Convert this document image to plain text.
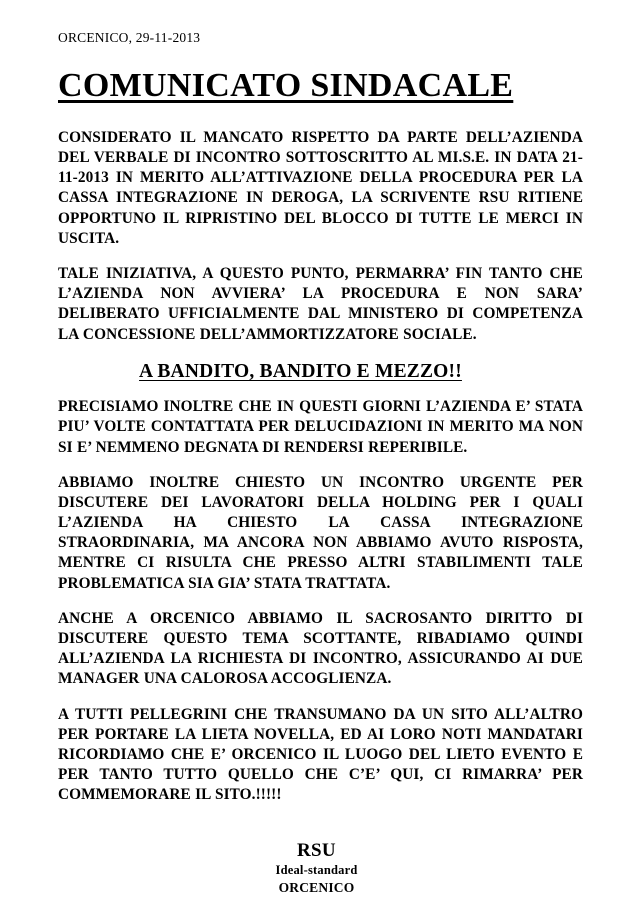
ORCENICO, 29-11-2013
COMUNICATO SINDACALE

CONSIDERATO IL MANCATO RISPETTO DA PARTE DELL’AZIENDA DEL VERBALE DI INCONTRO SOTTOSCRITTO AL MI.S.E. IN DATA 21-11-2013 IN MERITO ALL’ATTIVAZIONE DELLA PROCEDURA PER LA CASSA INTEGRAZIONE IN DEROGA, LA SCRIVENTE RSU RITIENE OPPORTUNO IL RIPRISTINO DEL BLOCCO DI TUTTE LE MERCI IN USCITA.

TALE INIZIATIVA, A QUESTO PUNTO, PERMARRA’ FIN TANTO CHE L’AZIENDA NON AVVIERA’ LA PROCEDURA E NON SARA’ DELIBERATO UFFICIALMENTE DAL MINISTERO DI COMPETENZA LA CONCESSIONE DELL’AMMORTIZZATORE SOCIALE.

A BANDITO, BANDITO E MEZZO!!

PRECISIAMO INOLTRE CHE IN QUESTI GIORNI L’AZIENDA E’ STATA PIU’ VOLTE CONTATTATA PER DELUCIDAZIONI IN MERITO MA NON SI E’ NEMMENO DEGNATA DI RENDERSI REPERIBILE.

ABBIAMO INOLTRE CHIESTO UN INCONTRO URGENTE PER DISCUTERE DEI LAVORATORI DELLA HOLDING PER I QUALI L’AZIENDA HA CHIESTO LA CASSA INTEGRAZIONE STRAORDINARIA, MA ANCORA NON ABBIAMO AVUTO RISPOSTA, MENTRE CI RISULTA CHE PRESSO ALTRI STABILIMENTI TALE PROBLEMATICA SIA GIA’ STATA TRATTATA.

ANCHE A ORCENICO ABBIAMO IL SACROSANTO DIRITTO DI DISCUTERE QUESTO TEMA SCOTTANTE, RIBADIAMO QUINDI ALL’AZIENDA LA RICHIESTA DI INCONTRO, ASSICURANDO AI DUE MANAGER UNA CALOROSA ACCOGLIENZA.

A TUTTI PELLEGRINI CHE TRANSUMANO DA UN SITO ALL’ALTRO PER PORTARE LA LIETA NOVELLA, ED AI LORO NOTI MANDATARI RICORDIAMO CHE E’ ORCENICO IL LUOGO DEL LIETO EVENTO E PER TANTO TUTTO QUELLO CHE C’E’ QUI, CI RIMARRA’ PER COMMEMORARE IL SITO.!!!!!

RSU
Ideal-standard
ORCENICO
